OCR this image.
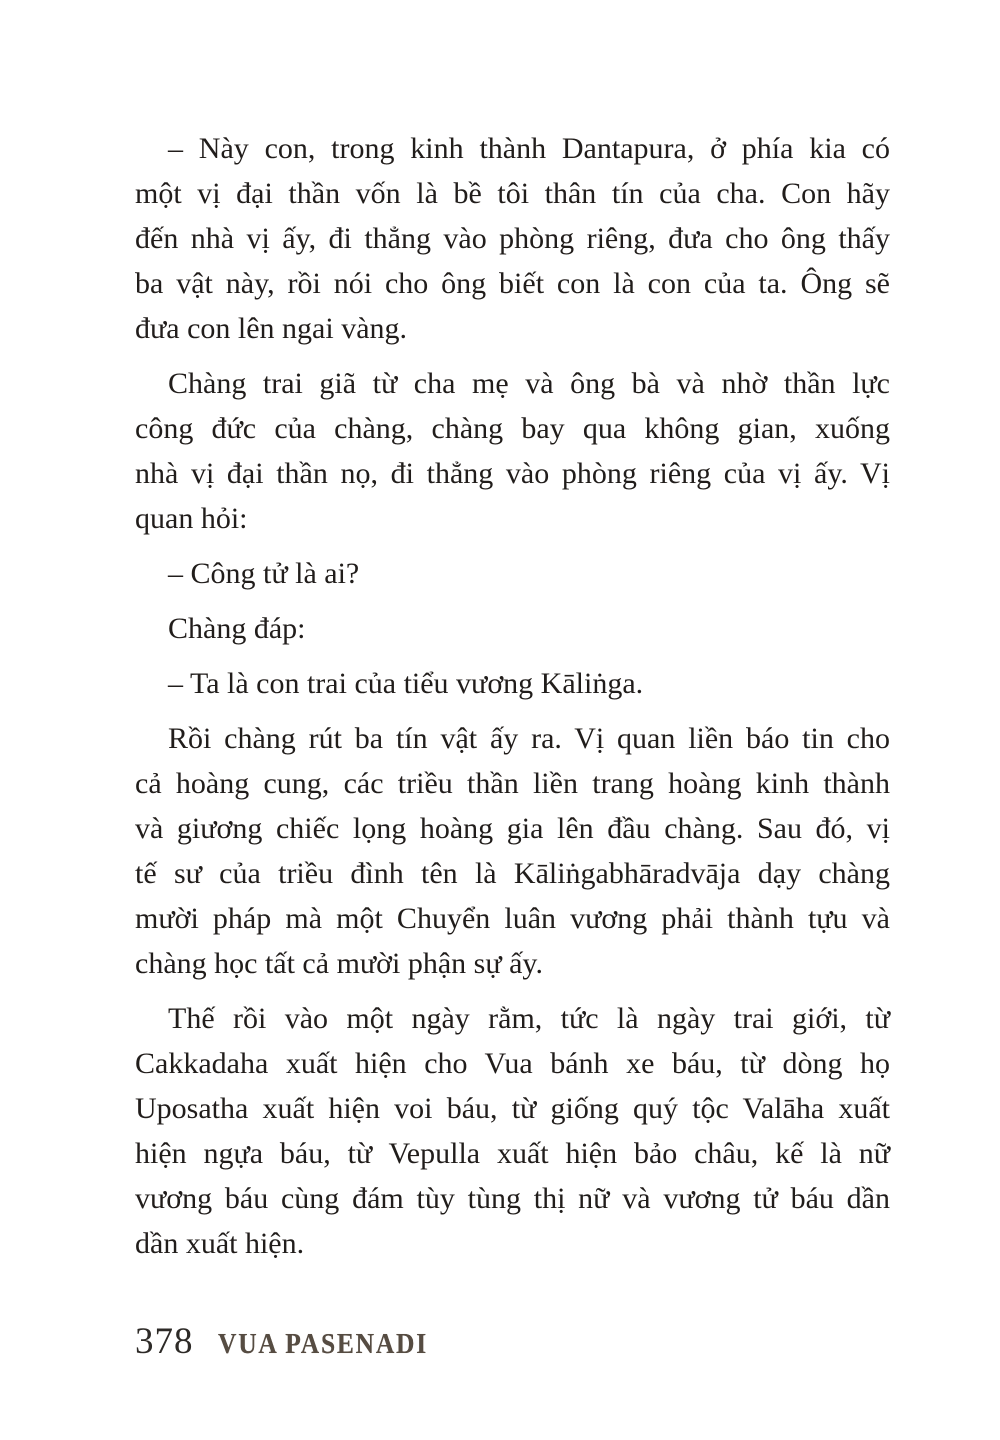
– Này con, trong kinh thành Dantapura, ở phía kia có
một vị đại thần vốn là bề tôi thân tín của cha. Con hãy
đến nhà vị ấy, đi thẳng vào phòng riêng, đưa cho ông thấy
ba vật này, rồi nói cho ông biết con là con của ta. Ông sẽ
đưa con lên ngai vàng.
Chàng trai giã từ cha mẹ và ông bà và nhờ thần lực
công đức của chàng, chàng bay qua không gian, xuống
nhà vị đại thần nọ, đi thẳng vào phòng riêng của vị ấy. Vị
quan hỏi:
– Công tử là ai?
Chàng đáp:
– Ta là con trai của tiểu vương Kāliṅga.
Rồi chàng rút ba tín vật ấy ra. Vị quan liền báo tin cho
cả hoàng cung, các triều thần liền trang hoàng kinh thành
và giương chiếc lọng hoàng gia lên đầu chàng. Sau đó, vị
tế sư của triều đình tên là Kāliṅgabhāradvāja dạy chàng
mười pháp mà một Chuyển luân vương phải thành tựu và
chàng học tất cả mười phận sự ấy.
Thế rồi vào một ngày rằm, tức là ngày trai giới, từ
Cakkadaha xuất hiện cho Vua bánh xe báu, từ dòng họ
Uposatha xuất hiện voi báu, từ giống quý tộc Valāha xuất
hiện ngựa báu, từ Vepulla xuất hiện bảo châu, kế là nữ
vương báu cùng đám tùy tùng thị nữ và vương tử báu dần
dần xuất hiện.
378 VUA PASENADI
